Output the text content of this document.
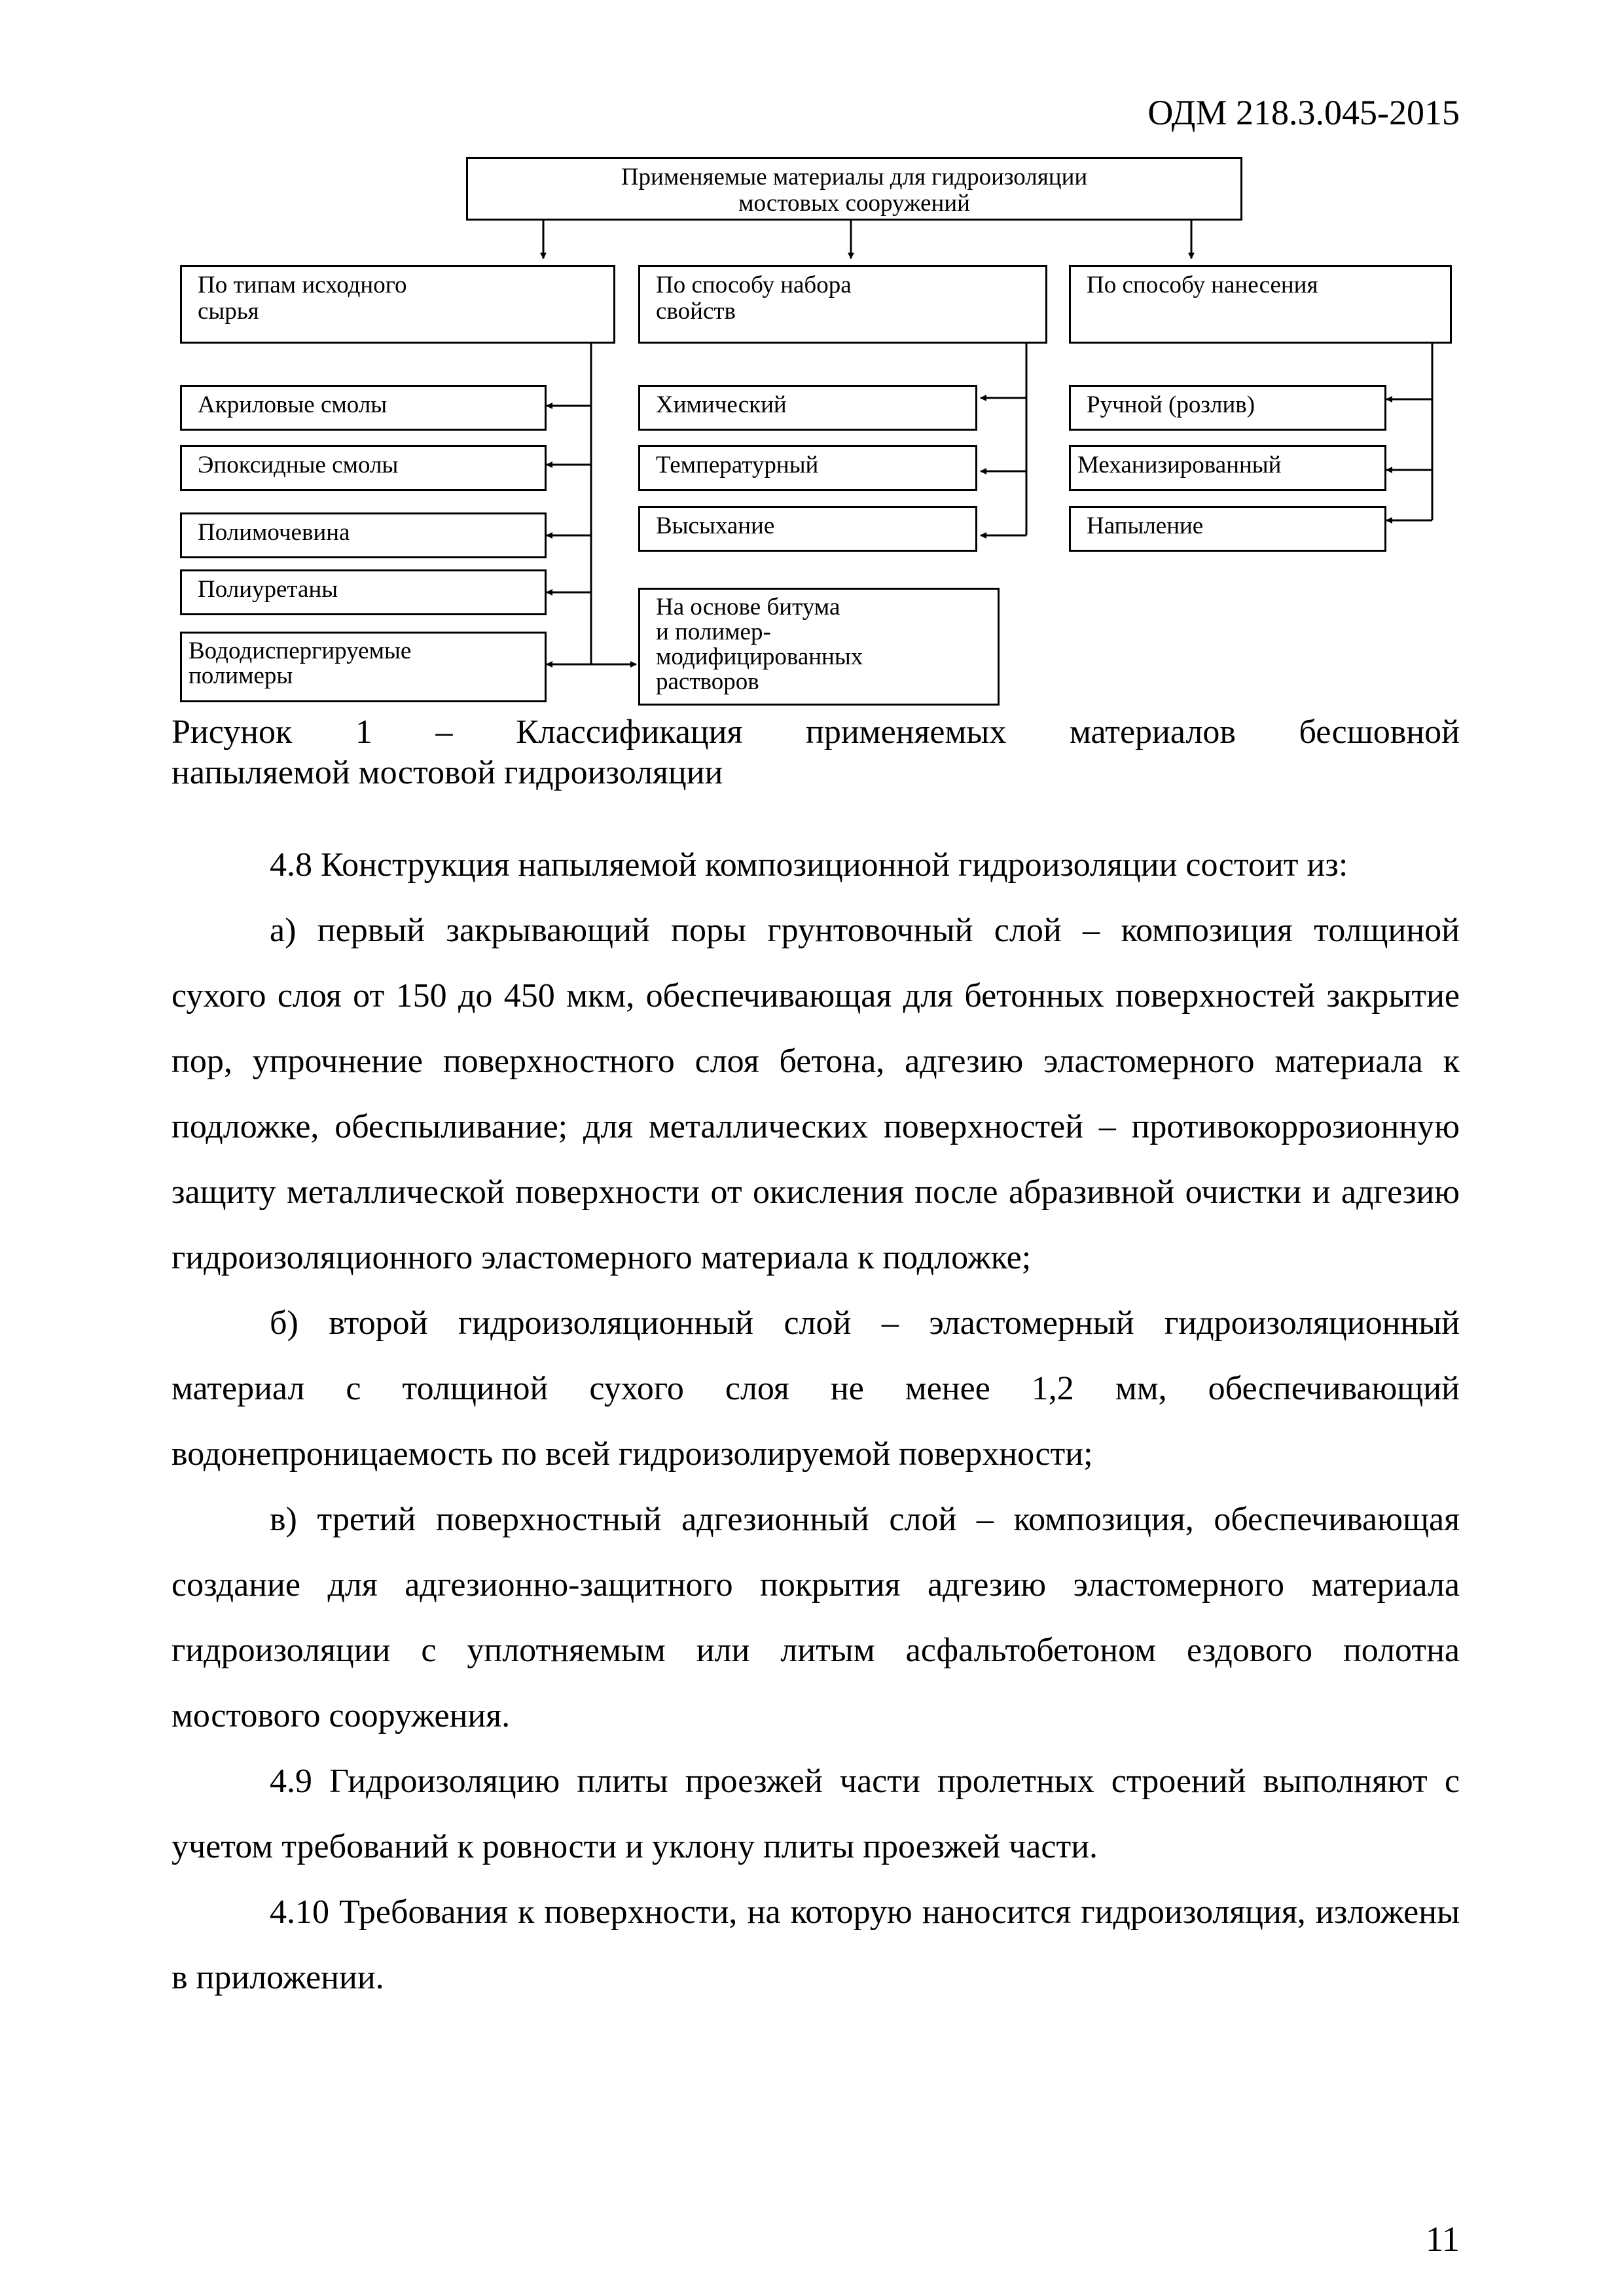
ОДМ 218.3.045-2015
Применяемые материалы для гидроизоляции
мостовых сооружений
По типам исходного
сырья
По способу набора
свойств
По способу нанесения
Акриловые смолы
Эпоксидные смолы
Полимочевина
Полиуретаны
Вододиспергируемые
полимеры
Химический
Температурный
Высыхание
Ручной (розлив)
Механизированный
Напыление
На основе битума
и полимер-
модифицированных
растворов
Рисунок 1 – Классификация применяемых материалов бесшовной
напыляемой мостовой гидроизоляции

4.8 Конструкция напыляемой композиционной гидроизоляции состоит из:

а) первый закрывающий поры грунтовочный слой – композиция толщиной сухого слоя от 150 до 450 мкм, обеспечивающая для бетонных поверхностей закрытие пор, упрочнение поверхностного слоя бетона, адгезию эластомерного материала к подложке, обеспыливание; для металлических поверхностей – противокоррозионную защиту металлической поверхности от окисления после абразивной очистки и адгезию гидроизоляционного эластомерного материала к подложке;

б) второй гидроизоляционный слой – эластомерный гидроизоляционный материал с толщиной сухого слоя не менее 1,2 мм, обеспечивающий водонепроницаемость по всей гидроизолируемой поверхности;

в) третий поверхностный адгезионный слой – композиция, обеспечивающая создание для адгезионно-защитного покрытия адгезию эластомерного материала гидроизоляции с уплотняемым или литым асфальтобетоном ездового полотна мостового сооружения.

4.9 Гидроизоляцию плиты проезжей части пролетных строений выполняют с учетом требований к ровности и уклону плиты проезжей части.

4.10 Требования к поверхности, на которую наносится гидроизоляция, изложены в приложении.

11
